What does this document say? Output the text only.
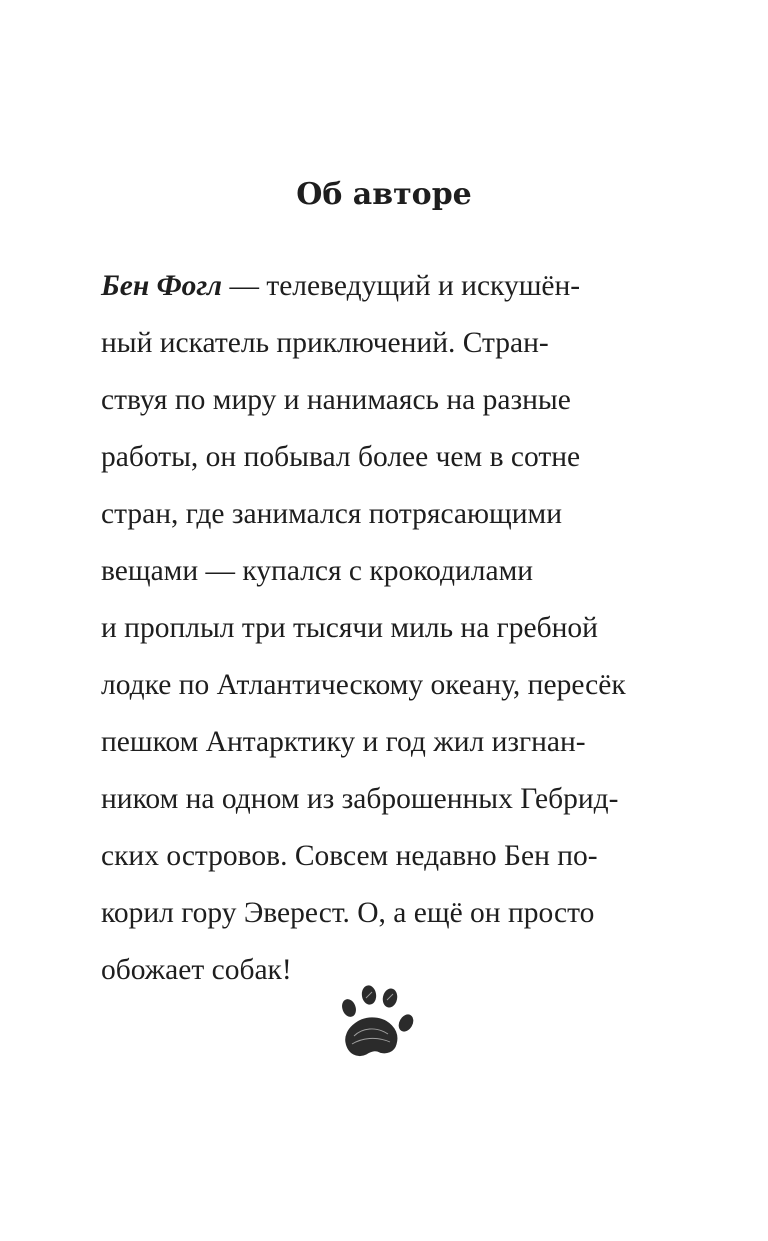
Об авторе

Бен Фогл — телеведущий и искушён-
ный искатель приключений. Стран-
ствуя по миру и нанимаясь на разные
работы, он побывал более чем в сотне
стран, где занимался потрясающими
вещами — купался с крокодилами
и проплыл три тысячи миль на гребной
лодке по Атлантическому океану, пересёк
пешком Антарктику и год жил изгнан-
ником на одном из заброшенных Гебрид-
ских островов. Совсем недавно Бен по-
корил гору Эверест. О, а ещё он просто
обожает собак!
